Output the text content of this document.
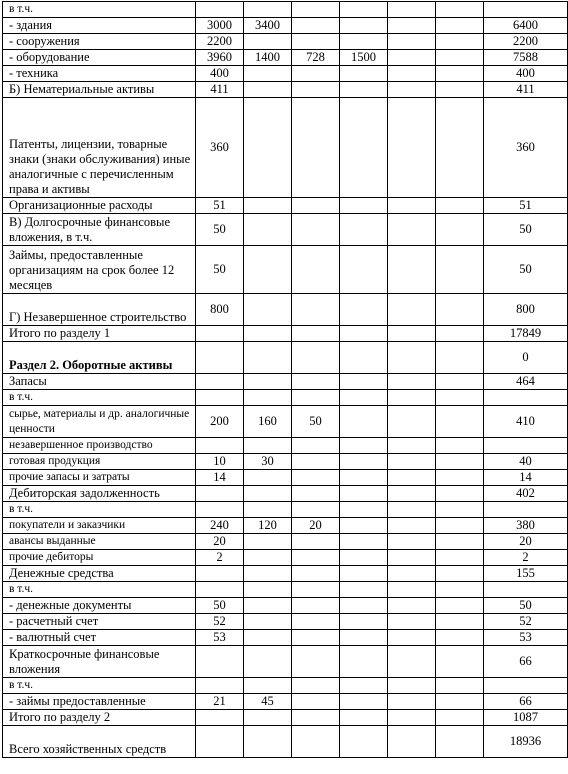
в т.ч.							
- здания	3000	3400					6400
- сооружения	2200						2200
- оборудование	3960	1400	728	1500			7588
- техника	400						400
Б) Нематериальные активы	411						411
Патенты, лицензии, товарные знаки (знаки обслуживания) иные аналогичные с перечисленным права и активы	360						360
Организационные расходы	51						51
В) Долгосрочные финансовые вложения, в т.ч.	50						50
Займы, предоставленные организациям на срок более 12 месяцев	50						50
Г) Незавершенное строительство	800						800
Итого по разделу 1							17849
Раздел 2. Оборотные активы							0
Запасы							464
в т.ч.							
сырье, материалы и др. аналогичные ценности	200	160	50				410
незавершенное производство							
готовая продукция	10	30					40
прочие запасы и затраты	14						14
Дебиторская задолженность							402
в т.ч.							
покупатели и заказчики	240	120	20				380
авансы выданные	20						20
прочие дебиторы	2						2
Денежные средства							155
в т.ч.							
- денежные документы	50						50
- расчетный счет	52						52
- валютный счет	53						53
Краткосрочные финансовые вложения							66
в т.ч.							
- займы предоставленные	21	45					66
Итого по разделу 2							1087
Всего хозяйственных средств							18936
